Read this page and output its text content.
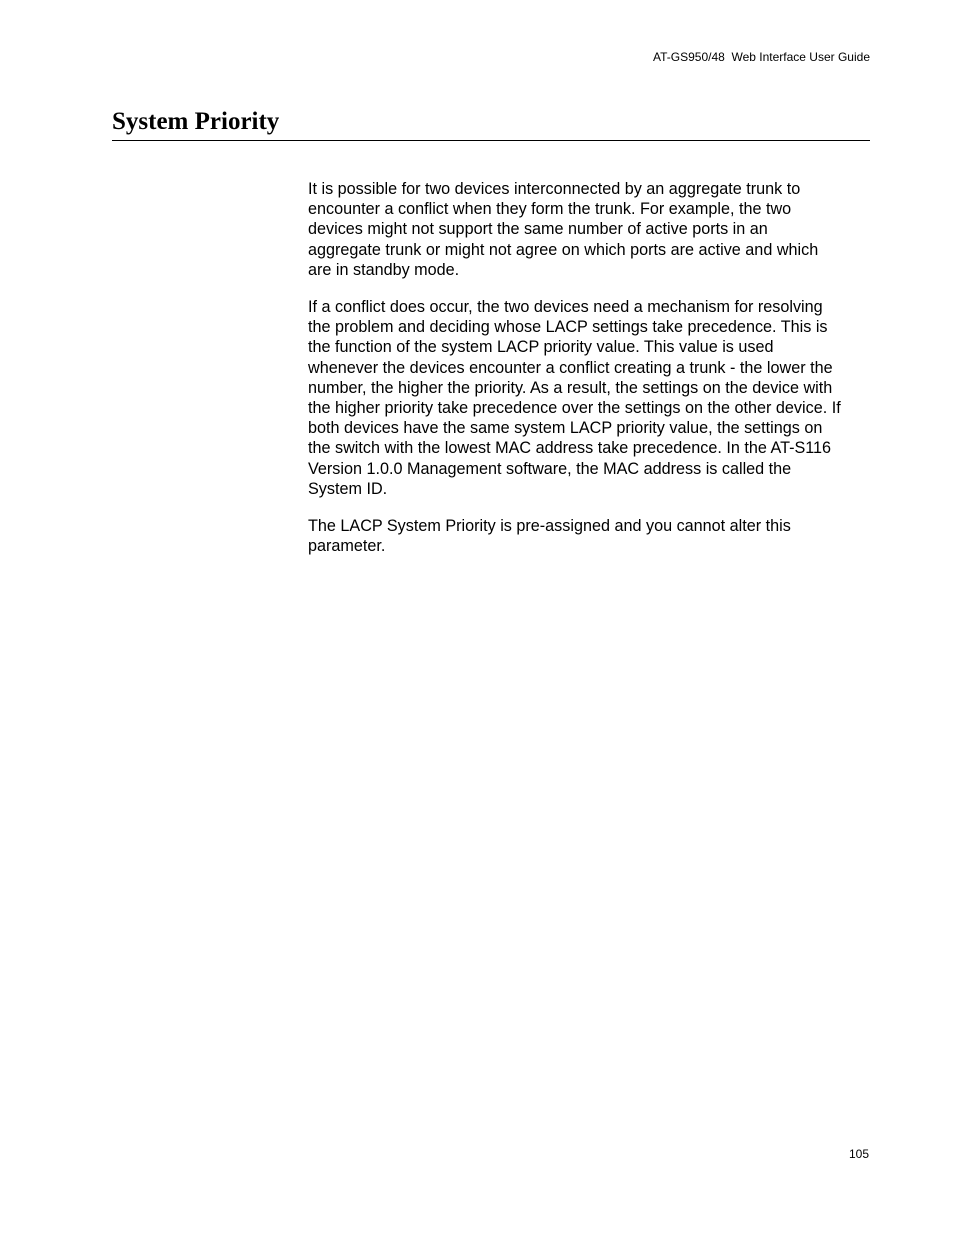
AT-GS950/48  Web Interface User Guide
System Priority

It is possible for two devices interconnected by an aggregate trunk to
encounter a conflict when they form the trunk. For example, the two
devices might not support the same number of active ports in an
aggregate trunk or might not agree on which ports are active and which
are in standby mode.

If a conflict does occur, the two devices need a mechanism for resolving
the problem and deciding whose LACP settings take precedence. This is
the function of the system LACP priority value. This value is used
whenever the devices encounter a conflict creating a trunk - the lower the
number, the higher the priority. As a result, the settings on the device with
the higher priority take precedence over the settings on the other device. If
both devices have the same system LACP priority value, the settings on
the switch with the lowest MAC address take precedence. In the AT-S116
Version 1.0.0 Management software, the MAC address is called the
System ID.

The LACP System Priority is pre-assigned and you cannot alter this
parameter.

105
